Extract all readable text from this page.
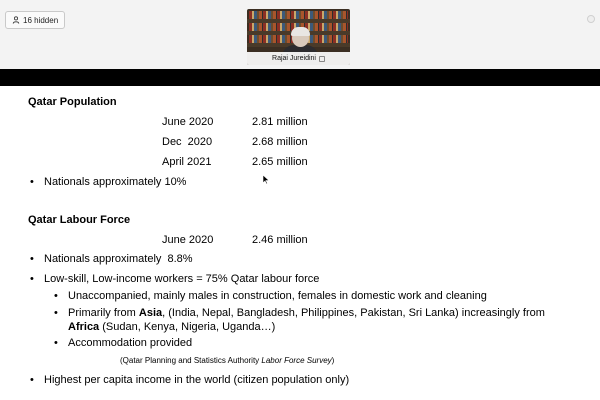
16 hidden
Rajai Jureidini
Qatar Population
June 2020	2.81 million
Dec  2020	2.68 million
April 2021	2.65 million
• Nationals approximately 10%
Qatar Labour Force
June 2020	2.46 million
• Nationals approximately  8.8%
• Low-skill, Low-income workers = 75% Qatar labour force
• Unaccompanied, mainly males in construction, females in domestic work and cleaning
• Primarily from Asia, (India, Nepal, Bangladesh, Philippines, Pakistan, Sri Lanka) increasingly from
Africa (Sudan, Kenya, Nigeria, Uganda…)
• Accommodation provided
(Qatar Planning and Statistics Authority Labor Force Survey)
• Highest per capita income in the world (citizen population only)
